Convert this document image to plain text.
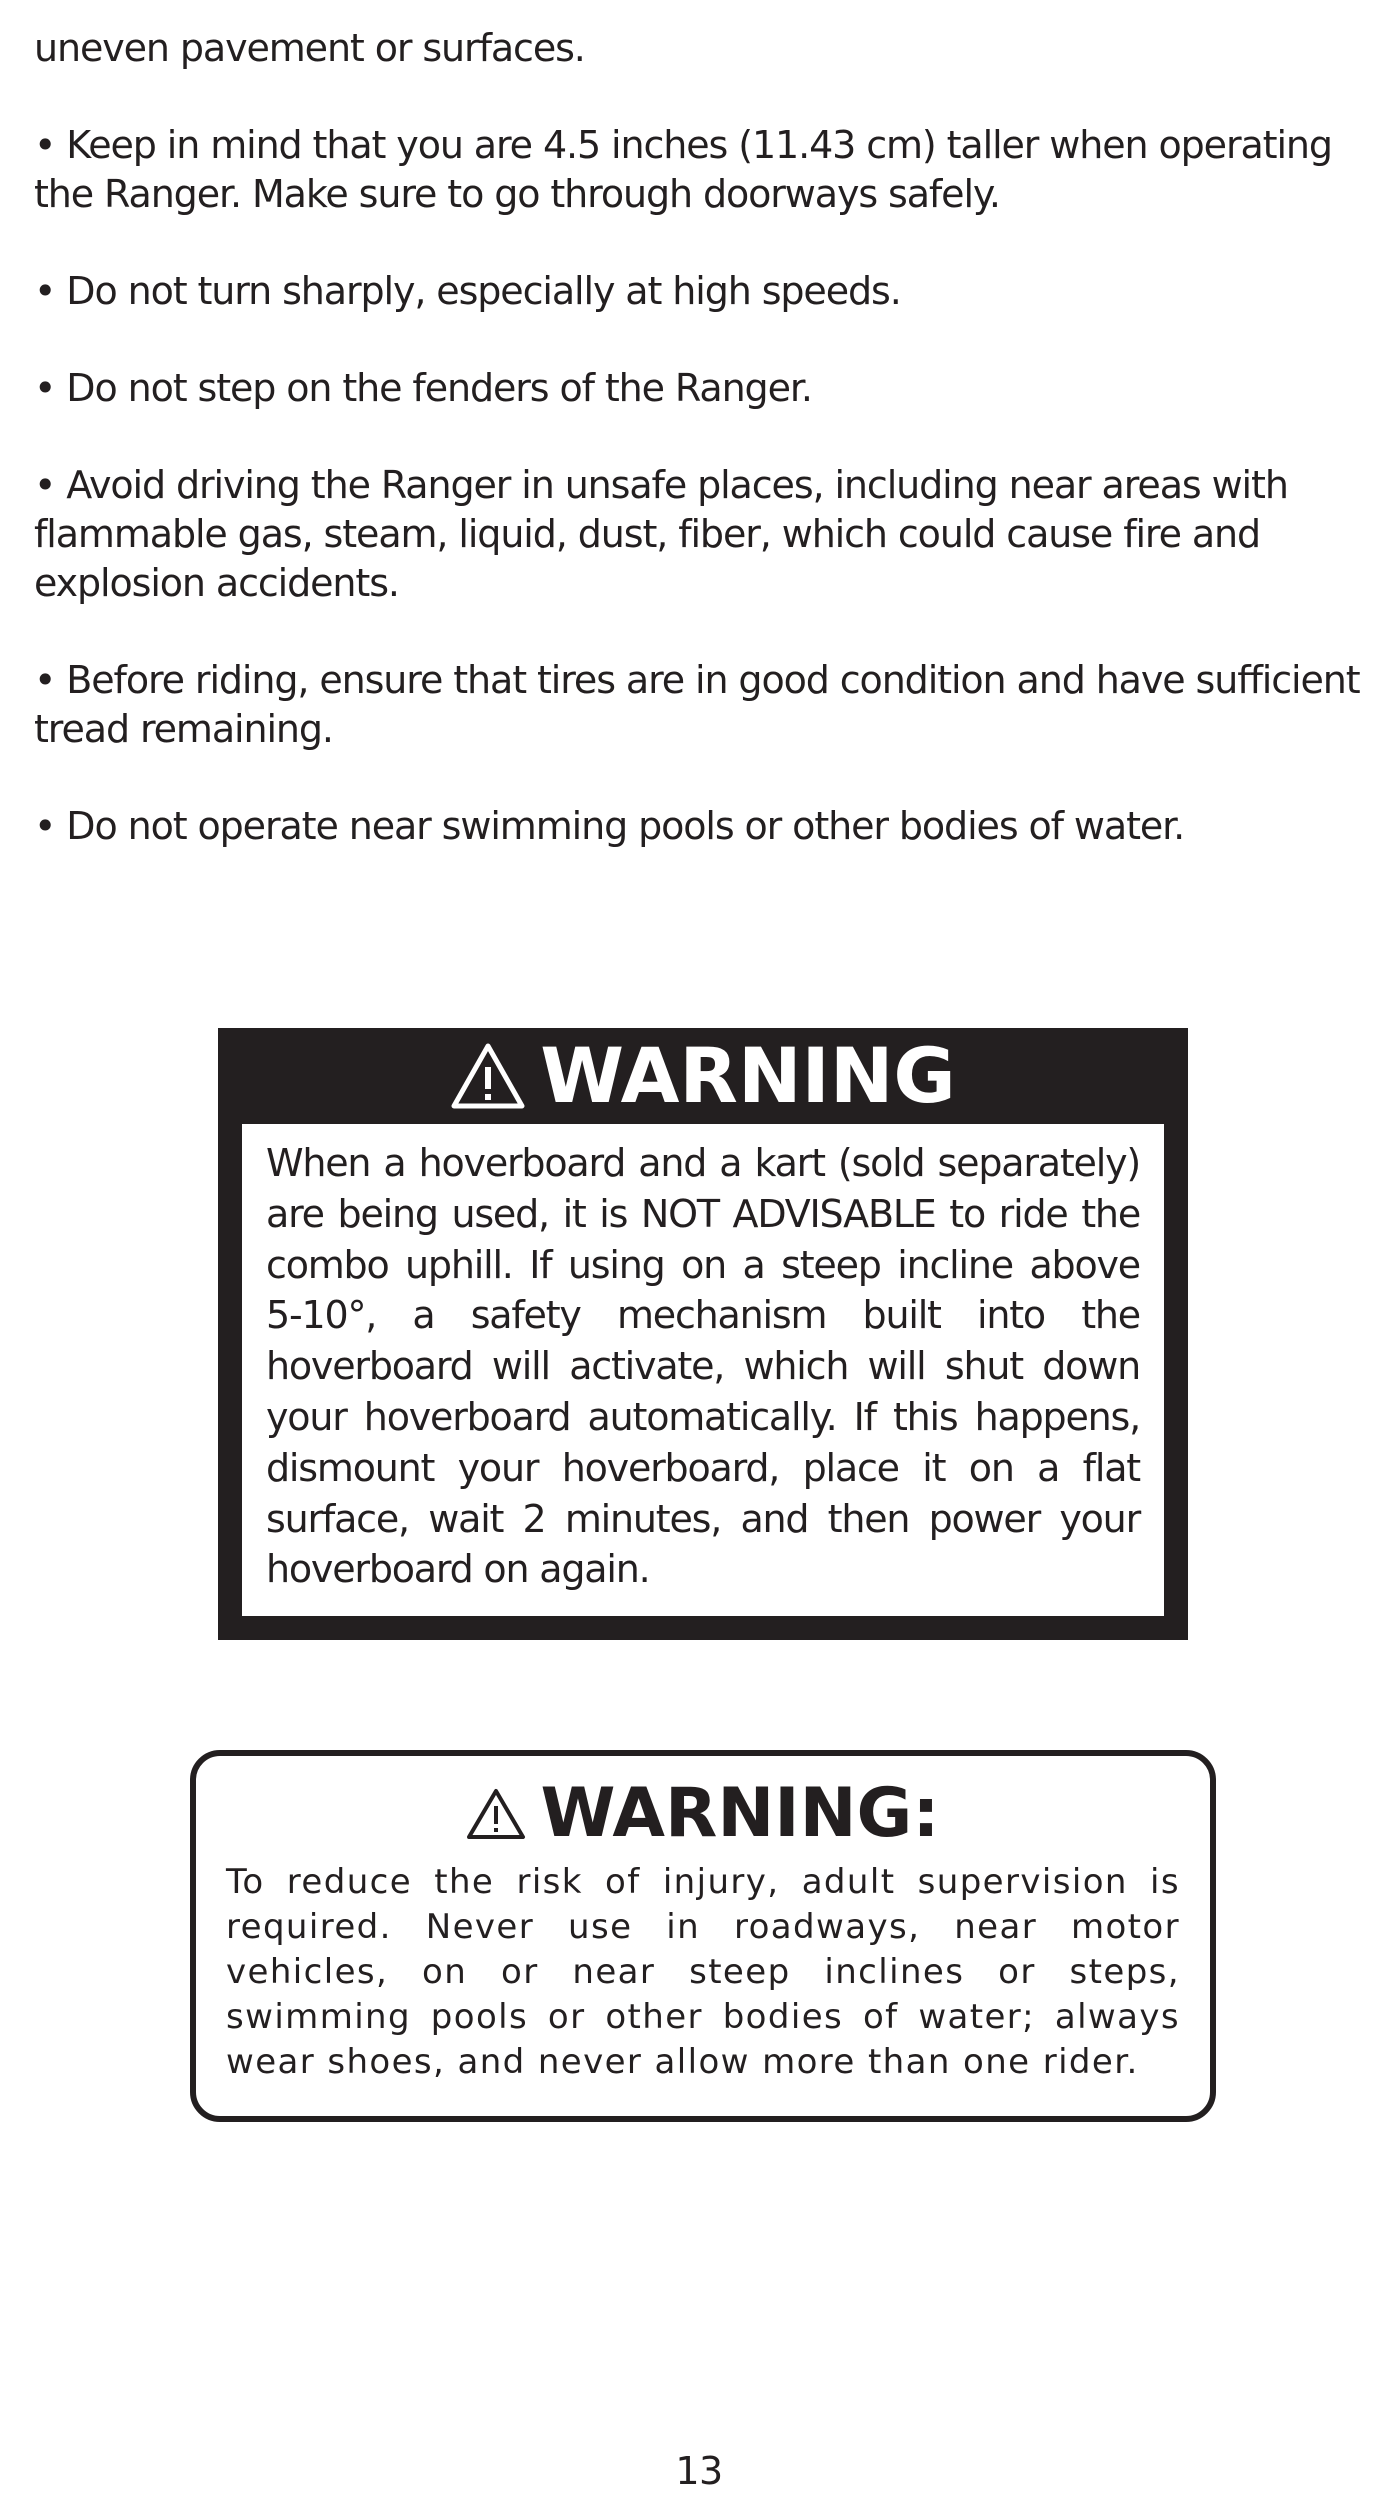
uneven pavement or surfaces.

• Keep in mind that you are 4.5 inches (11.43 cm) taller when operating the Ranger. Make sure to go through doorways safely.

• Do not turn sharply, especially at high speeds.

• Do not step on the fenders of the Ranger.

• Avoid driving the Ranger in unsafe places, including near areas with flammable gas, steam, liquid, dust, fiber, which could cause fire and explosion accidents.

• Before riding, ensure that tires are in good condition and have sufficient tread remaining.

• Do not operate near swimming pools or other bodies of water.

WARNING

When a hoverboard and a kart (sold separately) are being used, it is NOT ADVISABLE to ride the combo uphill. If using on a steep incline above 5-10°, a safety mechanism built into the hoverboard will activate, which will shut down your hoverboard automatically. If this happens, dismount your hoverboard, place it on a flat surface, wait 2 minutes, and then power your hoverboard on again.

WARNING:

To reduce the risk of injury, adult supervision is required. Never use in roadways, near motor vehicles, on or near steep inclines or steps, swimming pools or other bodies of water; always wear shoes, and never allow more than one rider.

13
